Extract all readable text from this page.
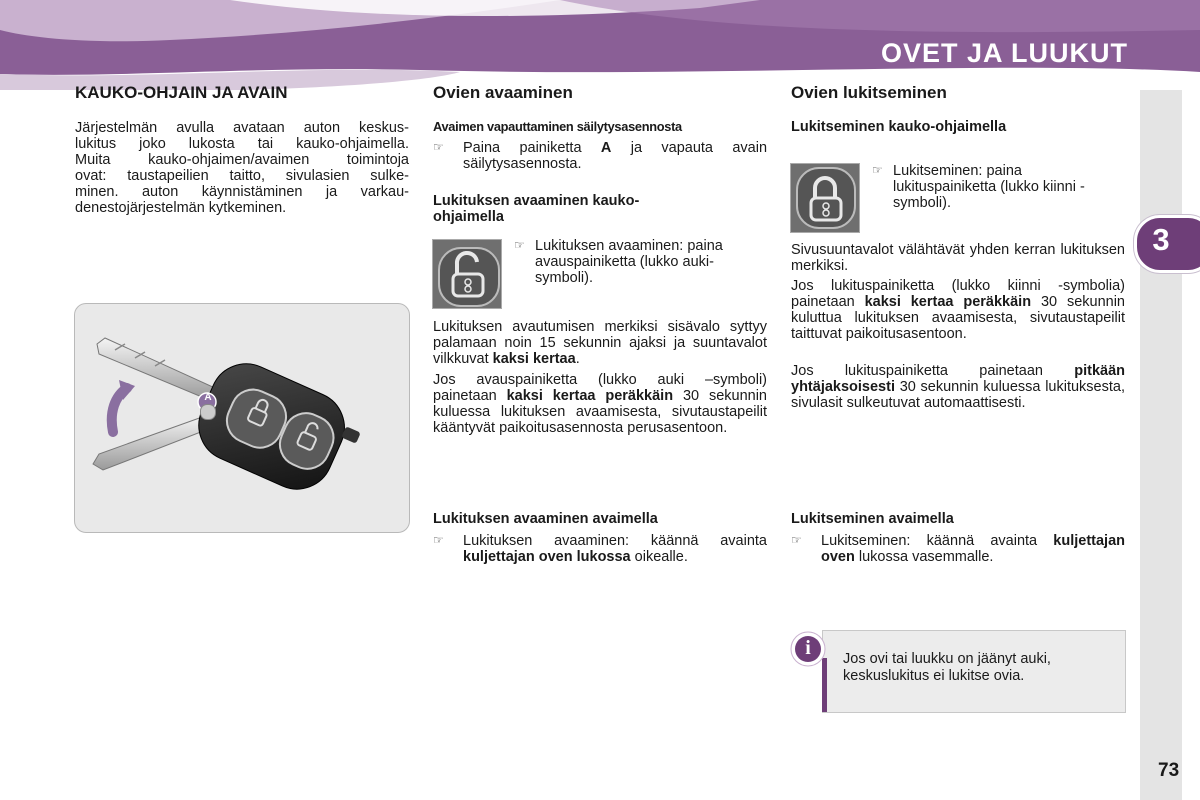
OVET JA LUUKUT
3
73
KAUKO-OHJAIN JA AVAIN
Järjestelmän avulla avataan auton keskus-
lukitus joko lukosta tai kauko-ohjaimella.
Muita kauko-ohjaimen/avaimen toimintoja
ovat: taustapeilien taitto, sivulasien sulke-
minen. auton käynnistäminen ja varkau-
denestojärjestelmän kytkeminen.
A
Ovien avaaminen
Avaimen vapauttaminen säilytysasennosta
☞ Paina painiketta A ja vapauta avain säilytysasennosta.
Lukituksen avaaminen kauko-
ohjaimella
☞ Lukituksen avaaminen: paina avauspainiketta (lukko auki-symboli).
Lukituksen avautumisen merkiksi sisävalo syttyy palamaan noin 15 sekunnin ajaksi ja suuntavalot vilkkuvat kaksi kertaa.
Jos avauspainiketta (lukko auki –symboli) painetaan kaksi kertaa peräkkäin 30 sekunnin kuluessa lukituksen avaamisesta, sivutaustapeilit kääntyvät paikoitusasennosta perusasentoon.
Lukituksen avaaminen avaimella
☞ Lukituksen avaaminen: käännä avainta kuljettajan oven lukossa oikealle.
Ovien lukitseminen
Lukitseminen kauko-ohjaimella
☞ Lukitseminen: paina lukituspainiketta (lukko kiinni - symboli).
Sivusuuntavalot välähtävät yhden kerran lukituksen merkiksi.
Jos lukituspainiketta (lukko kiinni -symbolia) painetaan kaksi kertaa peräkkäin 30 sekunnin kuluttua lukituksen avaamisesta, sivutaustapeilit taittuvat paikoitusasentoon.
Jos lukituspainiketta painetaan pitkään yhtäjaksoisesti 30 sekunnin kuluessa lukituksesta, sivulasit sulkeutuvat automaattisesti.
Lukitseminen avaimella
☞ Lukitseminen: käännä avainta kuljettajan oven lukossa vasemmalle.
i	Jos ovi tai luukku on jäänyt auki, keskuslukitus ei lukitse ovia.
